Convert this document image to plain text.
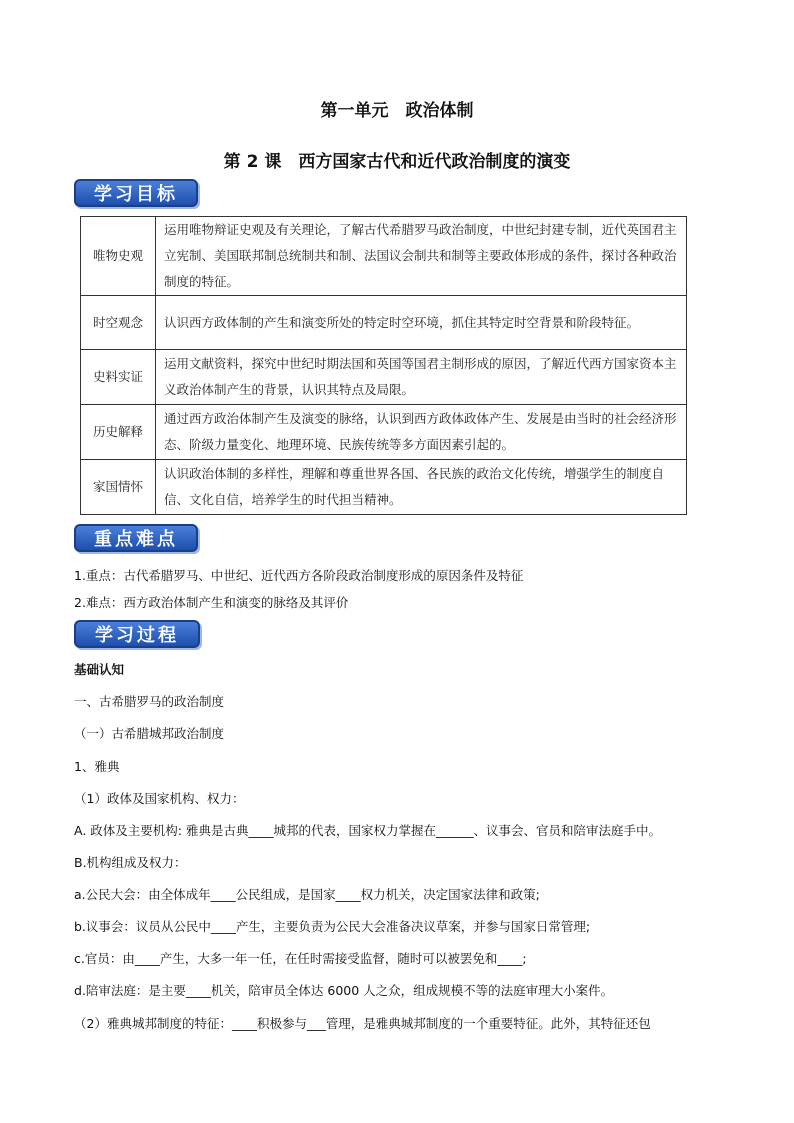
第一单元　政治体制
第 2 课　西方国家古代和近代政治制度的演变
学习目标
唯物史观	运用唯物辩证史观及有关理论，了解古代希腊罗马政治制度，中世纪封建专制，近代英国君主立宪制、美国联邦制总统制共和制、法国议会制共和制等主要政体形成的条件，探讨各种政治制度的特征。
时空观念	认识西方政体制的产生和演变所处的特定时空环境，抓住其特定时空背景和阶段特征。
史料实证	运用文献资料，探究中世纪时期法国和英国等国君主制形成的原因，了解近代西方国家资本主义政治体制产生的背景，认识其特点及局限。
历史解释	通过西方政治体制产生及演变的脉络，认识到西方政体政体产生、发展是由当时的社会经济形态、阶级力量变化、地理环境、民族传统等多方面因素引起的。
家国情怀	认识政治体制的多样性，理解和尊重世界各国、各民族的政治文化传统，增强学生的制度自信、文化自信，培养学生的时代担当精神。
重点难点
1.重点：古代希腊罗马、中世纪、近代西方各阶段政治制度形成的原因条件及特征
2.难点：西方政治体制产生和演变的脉络及其评价
学习过程
基础认知
一、古希腊罗马的政治制度
（一）古希腊城邦政治制度
1、雅典
（1）政体及国家机构、权力：
A. 政体及主要机构: 雅典是古典____城邦的代表，国家权力掌握在______、议事会、官员和陪审法庭手中。
B.机构组成及权力：
a.公民大会：由全体成年____公民组成，是国家____权力机关，决定国家法律和政策;
b.议事会：议员从公民中____产生，主要负责为公民大会准备决议草案，并参与国家日常管理;
c.官员：由____产生，大多一年一任，在任时需接受监督，随时可以被罢免和____;
d.陪审法庭：是主要____机关，陪审员全体达 6000 人之众，组成规模不等的法庭审理大小案件。
（2）雅典城邦制度的特征：____积极参与___管理，是雅典城邦制度的一个重要特征。此外，其特征还包
